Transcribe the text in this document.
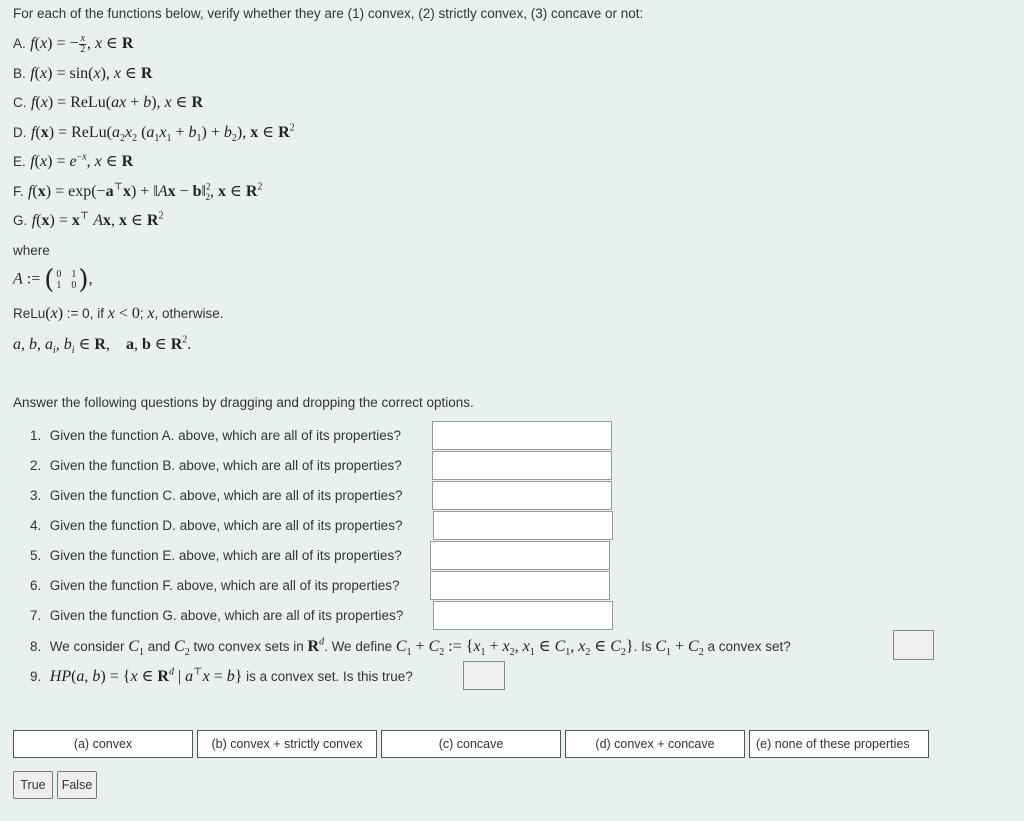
For each of the functions below, verify whether they are (1) convex, (2) strictly convex, (3) concave or not:
A. f(x) = − $\frac{x}{2}$ , x ∈ R
B. f(x) = sin(x), x ∈ R
C. f(x) = ReLu(ax + b), x ∈ R
D. $f(x) = ReLu(a_2x_2$ $(a_1x_1 + b_1) + b_2$), x ∈ $R^2$
E. $f(x) = e^{-x}$, x ∈ R
F. f(x) = exp(−a⊤x) + ‖Ax − b‖$^2_2$, x ∈ $R^2$
G. f(x) = x⊤ Ax, x ∈ $R^2$
where
A := ( 0 1
1 0 ) ,
ReLu(x) := 0, if x < 0; x, otherwise.
a, b, $a_i$, $b_i$ ∈ R,    a, b ∈ $R^2$.
Answer the following questions by dragging and dropping the correct options.
1. Given the function A. above, which are all of its properties?
2. Given the function B. above, which are all of its properties?
3. Given the function C. above, which are all of its properties?
4. Given the function D. above, which are all of its properties?
5. Given the function E. above, which are all of its properties?
6. Given the function F. above, which are all of its properties?
7. Given the function G. above, which are all of its properties?
8. We consider $C_1$ and $C_2$ two convex sets in $R^d$. We define $C_1 + C_2$ := {$x_1 + x_2$, $x_1$ ∈ $C_1$, $x_2$ ∈ $C_2$}. Is $C_1 + C_2$ a convex set?
9. HP(a, b) = {x ∈ $R^d$ | a⊤x = b} is a convex set. Is this true?
(a) convex	(b) convex + strictly convex	(c) concave	(d) convex + concave	(e) none of these properties
True	False
